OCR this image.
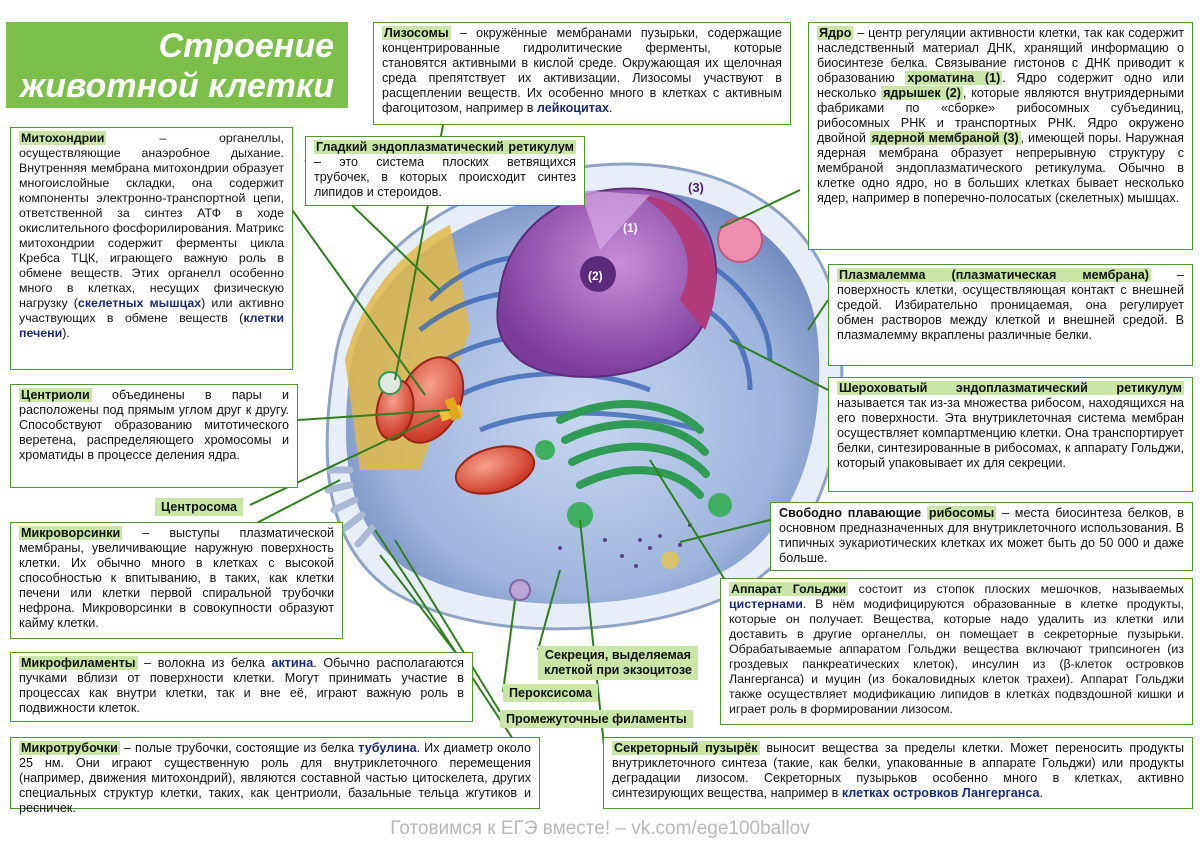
(1)
(2)
(3)
Строение
животной клетки
Лизосомы – окружённые мембранами пузырьки, содержащие концентрированные гидролитические ферменты, которые становятся активными в кислой среде. Окружающая их щелочная среда препятствует их активизации. Лизосомы участвуют в расщеплении веществ. Их особенно много в клетках с активным фагоцитозом, например в лейкоцитах.
Ядро – центр регуляции активности клетки, так как содержит наследственный материал ДНК, хранящий информацию о биосинтезе белка. Связывание гистонов с ДНК приводит к образованию хроматина (1) . Ядро содержит одно или несколько ядрышек (2) , которые являются внутриядерными фабриками по «сборке» рибосомных субъединиц, рибосомных РНК и транспортных РНК. Ядро окружено двойной ядерной мембраной (3) , имеющей поры. Наружная ядерная мембрана образует непрерывную структуру с мембраной эндоплазматического ретикулума. Обычно в клетке одно ядро, но в больших клетках бывает несколько ядер, например в поперечно-полосатых (скелетных) мышцах.
Митохондрии – органеллы, осуществляющие анаэробное дыхание. Внутренняя мембрана митохондрии образует многоислойные складки, она содержит компоненты электронно-транспортной цепи, ответственной за синтез АТФ в ходе окислительного фосфорилирования. Матрикс митохондрии содержит ферменты цикла Кребса ТЦК, играющего важную роль в обмене веществ. Этих органелл особенно много в клетках, несущих физическую нагрузку (скелетных мышцах) или активно участвующих в обмене веществ (клетки печени).
Гладкий эндоплазматический ретикулум – это система плоских ветвящихся трубочек, в которых происходит синтез липидов и стероидов.
Плазмалемма (плазматическая мембрана) – поверхность клетки, осуществляющая контакт с внешней средой. Избирательно проницаемая, она регулирует обмен растворов между клеткой и внешней средой. В плазмалемму вкраплены различные белки.
Шероховатый эндоплазматический ретикулум называется так из-за множества рибосом, находящихся на его поверхности. Эта внутриклеточная система мембран осуществляет компартменцию клетки. Она транспортирует белки, синтезированные в рибосомах, к аппарату Гольджи, который упаковывает их для секреции.
Центриоли объединены в пары и расположены под прямым углом друг к другу. Способствуют образованию митотического веретена, распределяющего хромосомы и хроматиды в процессе деления ядра.
Центросома	Свободно плавающие рибосомы – места биосинтеза белков, в основном предназначенных для внутриклеточного использования. В типичных эукариотических клетках их может быть до 50 000 и даже больше.
Микроворсинки – выступы плазматической мембраны, увеличивающие наружную поверхность клетки. Их обычно много в клетках с высокой способностью к впитыванию, в таких, как клетки печени или клетки первой спиральной трубочки нефрона. Микроворсинки в совокупности образуют кайму клетки.
Аппарат Гольджи состоит из стопок плоских мешочков, называемых цистернами. В нём модифицируются образованные в клетке продукты, которые он получает. Вещества, которые надо удалить из клетки или доставить в другие органеллы, он помещает в секреторные пузырьки. Обрабатываемые аппаратом Гольджи вещества включают трипсиноген (из гроздевых панкреатических клеток), инсулин из (β-клеток островков Лангерганса) и муцин (из бокаловидных клеток трахеи). Аппарат Гольджи также осуществляет модификацию липидов в клетках подвздошной кишки и играет роль в формировании лизосом.
Секреция, выделяемая
клеткой при экзоцитозе
Микрофиламенты – волокна из белка актина. Обычно располагаются пучками вблизи от поверхности клетки. Могут принимать участие в процессах как внутри клетки, так и вне её, играют важную роль в подвижности клеток.
Пероксисома
Промежуточные филаменты
Микротрубочки – полые трубочки, состоящие из белка тубулина. Их диаметр около 25 нм. Они играют существенную роль для внутриклеточного перемещения (например, движения митохондрий), являются составной частью цитоскелета, других специальных структур клетки, таких, как центриоли, базальные тельца жгутиков и ресничек.
Секреторный пузырёк выносит вещества за пределы клетки. Может переносить продукты внутриклеточного синтеза (такие, как белки, упакованные в аппарате Гольджи) или продукты деградации лизосом. Секреторных пузырьков особенно много в клетках, активно синтезирующих вещества, например в клетках островков Лангерганса.
Готовимся к ЕГЭ вместе! – vk.com/ege100ballov
